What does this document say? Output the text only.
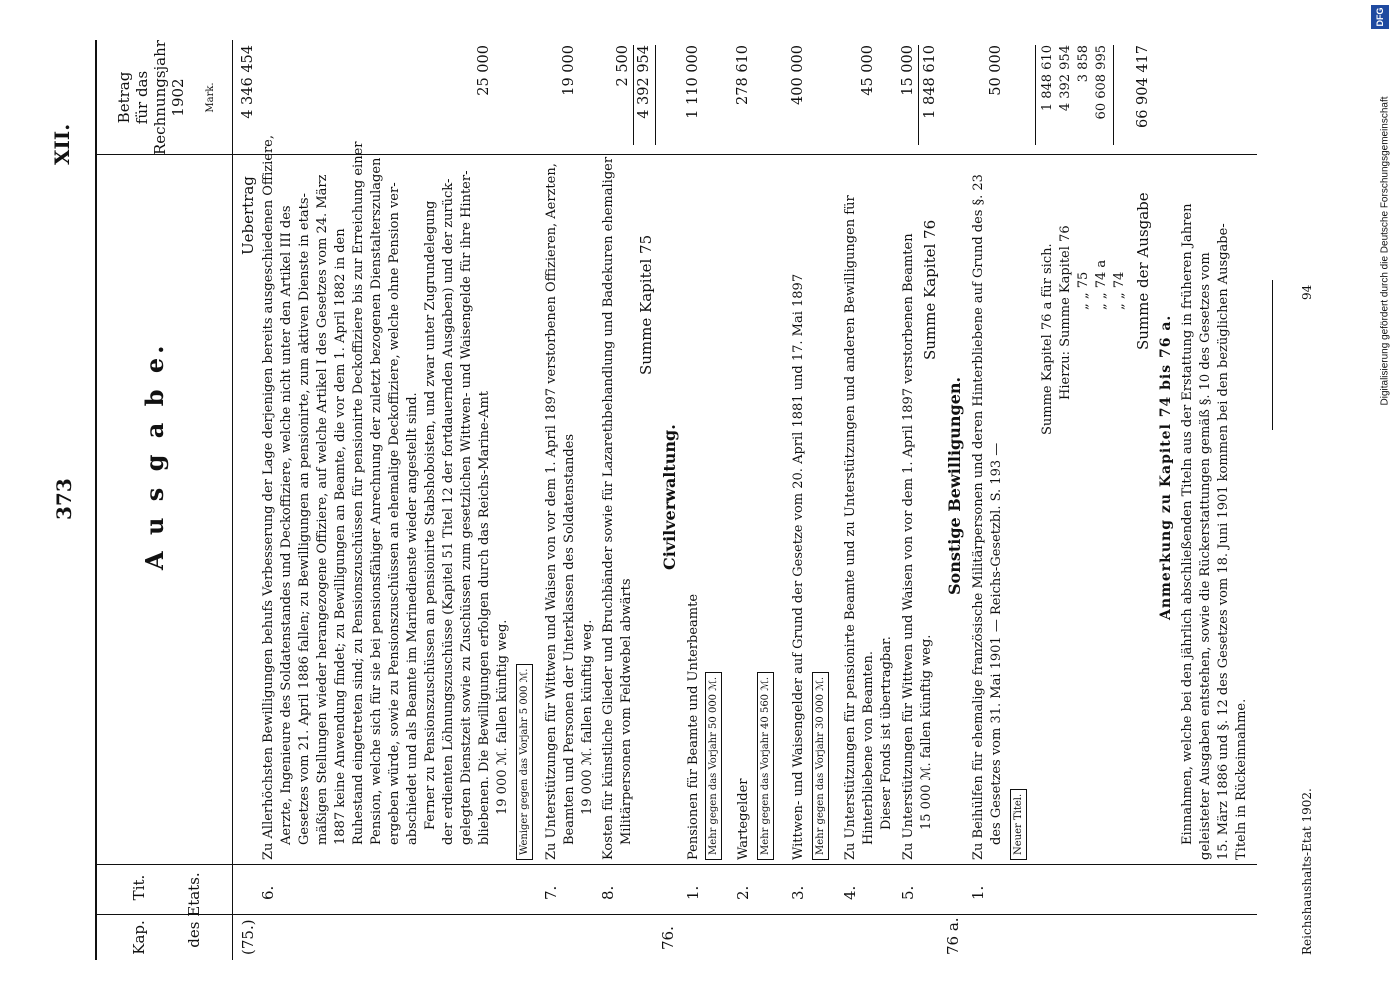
373
XII.
A u s g a b e.
Kap.
Tit. des Etats.
Betrag für das Rechnungsjahr 1902 Mark.
(75.)
Uebertrag
4 346 454
6.
Zu Allerhöchsten Bewilligungen behufs Verbesserung der Lage derjenigen bereits ausgeschiedenen Offiziere, Aerzte, Ingenieure des Soldatenstandes und Deckoffiziere, welche nicht unter den Artikel III des Gesetzes vom 21. April 1886 fallen; zu Bewilligungen an pensionirte, zum aktiven Dienste in etats- mäßigen Stellungen wieder herangezogene Offiziere, auf welche Artikel I des Gesetzes vom 24. März 1887 keine Anwendung findet; zu Bewilligungen an Beamte, die vor dem 1. April 1882 in den Ruhestand eingetreten sind; zu Pensionszuschüssen für pensionirte Deckoffiziere bis zur Erreichung einer Pension, welche sich für sie bei pensionsfähiger Anrechnung der zuletzt bezogenen Dienstalterszulagen ergeben würde, sowie zu Pensionszuschüssen an ehemalige Deckoffiziere, welche ohne Pension ver- abschiedet und als Beamte im Marinedienste wieder angestellt sind. Ferner zu Pensionszuschüssen an pensionirte Stabshoboisten, und zwar unter Zugrundelegung der erdienten Löhnungszuschüsse (Kapitel 51 Titel 12 der fortdauernden Ausgaben) und der zurück- gelegten Dienstzeit sowie zu Zuschüssen zum gesetzlichen Wittwen- und Waisengelde für ihre Hinter- bliebenen. Die Bewilligungen erfolgen durch das Reichs-Marine-Amt 19 000 ℳ. fallen künftig weg.
25 000
Weniger gegen das Vorjahr 5 000 ℳ.
7.
Zu Unterstützungen für Wittwen und Waisen von vor dem 1. April 1897 verstorbenen Offizieren, Aerzten, Beamten und Personen der Unterklassen des Soldatenstandes 19 000 ℳ. fallen künftig weg.
19 000
8.
Kosten für künstliche Glieder und Bruchbänder sowie für Lazarethbehandlung und Badekuren ehemaliger Militärpersonen vom Feldwebel abwärts
2 500
Summe Kapitel 75
4 392 954
76.
Civilverwaltung.
1.
Pensionen für Beamte und Unterbeamte
1 110 000
Mehr gegen das Vorjahr 50 000 ℳ.
2.
Wartegelder
278 610
Mehr gegen das Vorjahr 40 560 ℳ.
3.
Wittwen- und Waisengelder auf Grund der Gesetze vom 20. April 1881 und 17. Mai 1897
400 000
Mehr gegen das Vorjahr 30 000 ℳ.
4.
Zu Unterstützungen für pensionirte Beamte und zu Unterstützungen und anderen Bewilligungen für Hinterbliebene von Beamten. Dieser Fonds ist übertragbar.
45 000
5.
Zu Unterstützungen für Wittwen und Waisen von vor dem 1. April 1897 verstorbenen Beamten 15 000 ℳ. fallen künftig weg.
15 000
Summe Kapitel 76
1 848 610
76 a.
Sonstige Bewilligungen.
1.
Zu Beihülfen für ehemalige französische Militärpersonen und deren Hinterbliebene auf Grund des §. 23 des Gesetzes vom 31. Mai 1901 — Reichs-Gesetzbl. S. 193 —
50 000
Neuer Titel.
Summe Kapitel 76 a für sich.
1 848 610
Hierzu: Summe Kapitel 76
4 392 954
„ „ 75
3 858
„ „ 74 a
60 608 995
„ „ 74 Summe der Ausgabe
66 904 417
Anmerkung zu Kapitel 74 bis 76 a. Einnahmen, welche bei den jährlich abschließenden Titeln aus der Erstattung in früheren Jahren geleisteter Ausgaben entstehen, sowie die Rückerstattungen gemäß §. 10 des Gesetzes vom 15. März 1886 und §. 12 des Gesetzes vom 18. Juni 1901 kommen bei den bezüglichen Ausgabe- Titeln in Rückeinnahme.
Reichshaushalts-Etat 1902.
94
DFG
Digitalisierung gefördert durch die Deutsche Forschungsgemeinschaft
